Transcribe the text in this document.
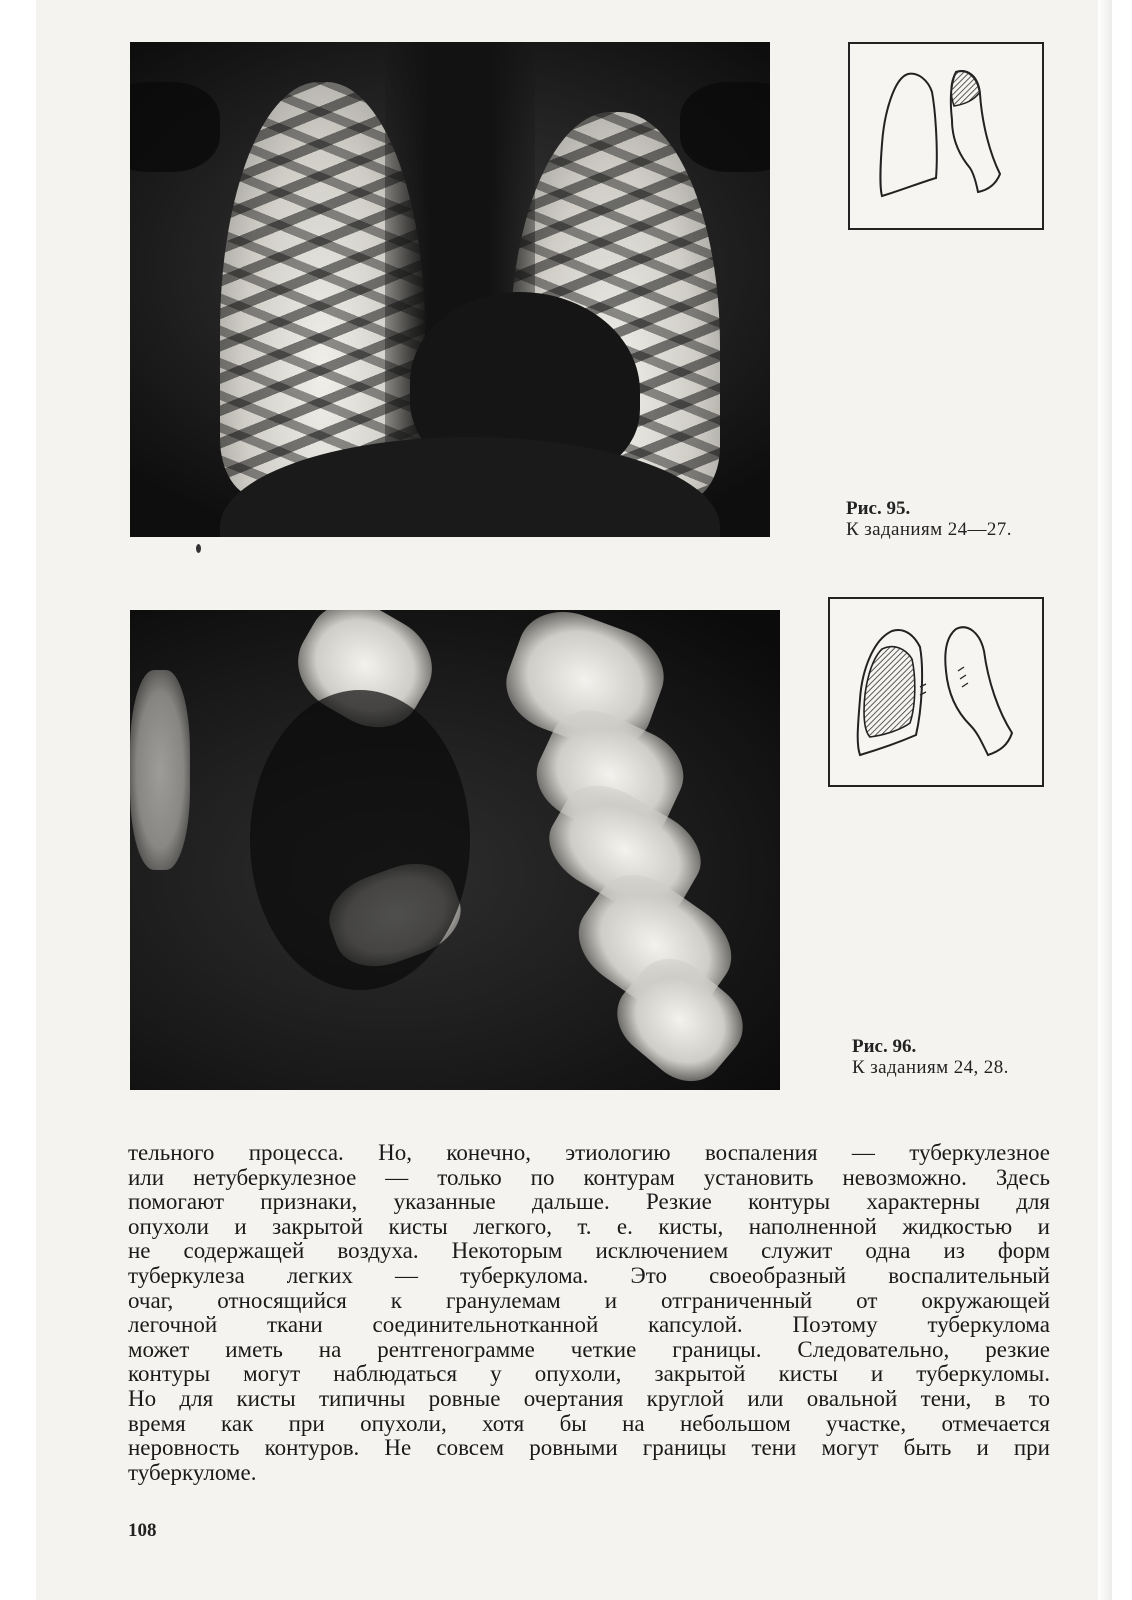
Рис. 95.
К заданиям 24—27.
Рис. 96.
К заданиям 24, 28.
тельного процесса. Но, конечно, этиологию воспаления — туберкулезное
или нетуберкулезное — только по контурам установить невозможно. Здесь
помогают признаки, указанные дальше. Резкие контуры характерны для
опухоли и закрытой кисты легкого, т. е. кисты, наполненной жидкостью и
не содержащей воздуха. Некоторым исключением служит одна из форм
туберкулеза легких — туберкулома. Это своеобразный воспалительный
очаг, относящийся к гранулемам и отграниченный от окружающей
легочной ткани соединительнотканной капсулой. Поэтому туберкулома
может иметь на рентгенограмме четкие границы. Следовательно, резкие
контуры могут наблюдаться у опухоли, закрытой кисты и туберкуломы.
Но для кисты типичны ровные очертания круглой или овальной тени, в то
время как при опухоли, хотя бы на небольшом участке, отмечается
неровность контуров. Не совсем ровными границы тени могут быть и при
туберкуломе.
108
